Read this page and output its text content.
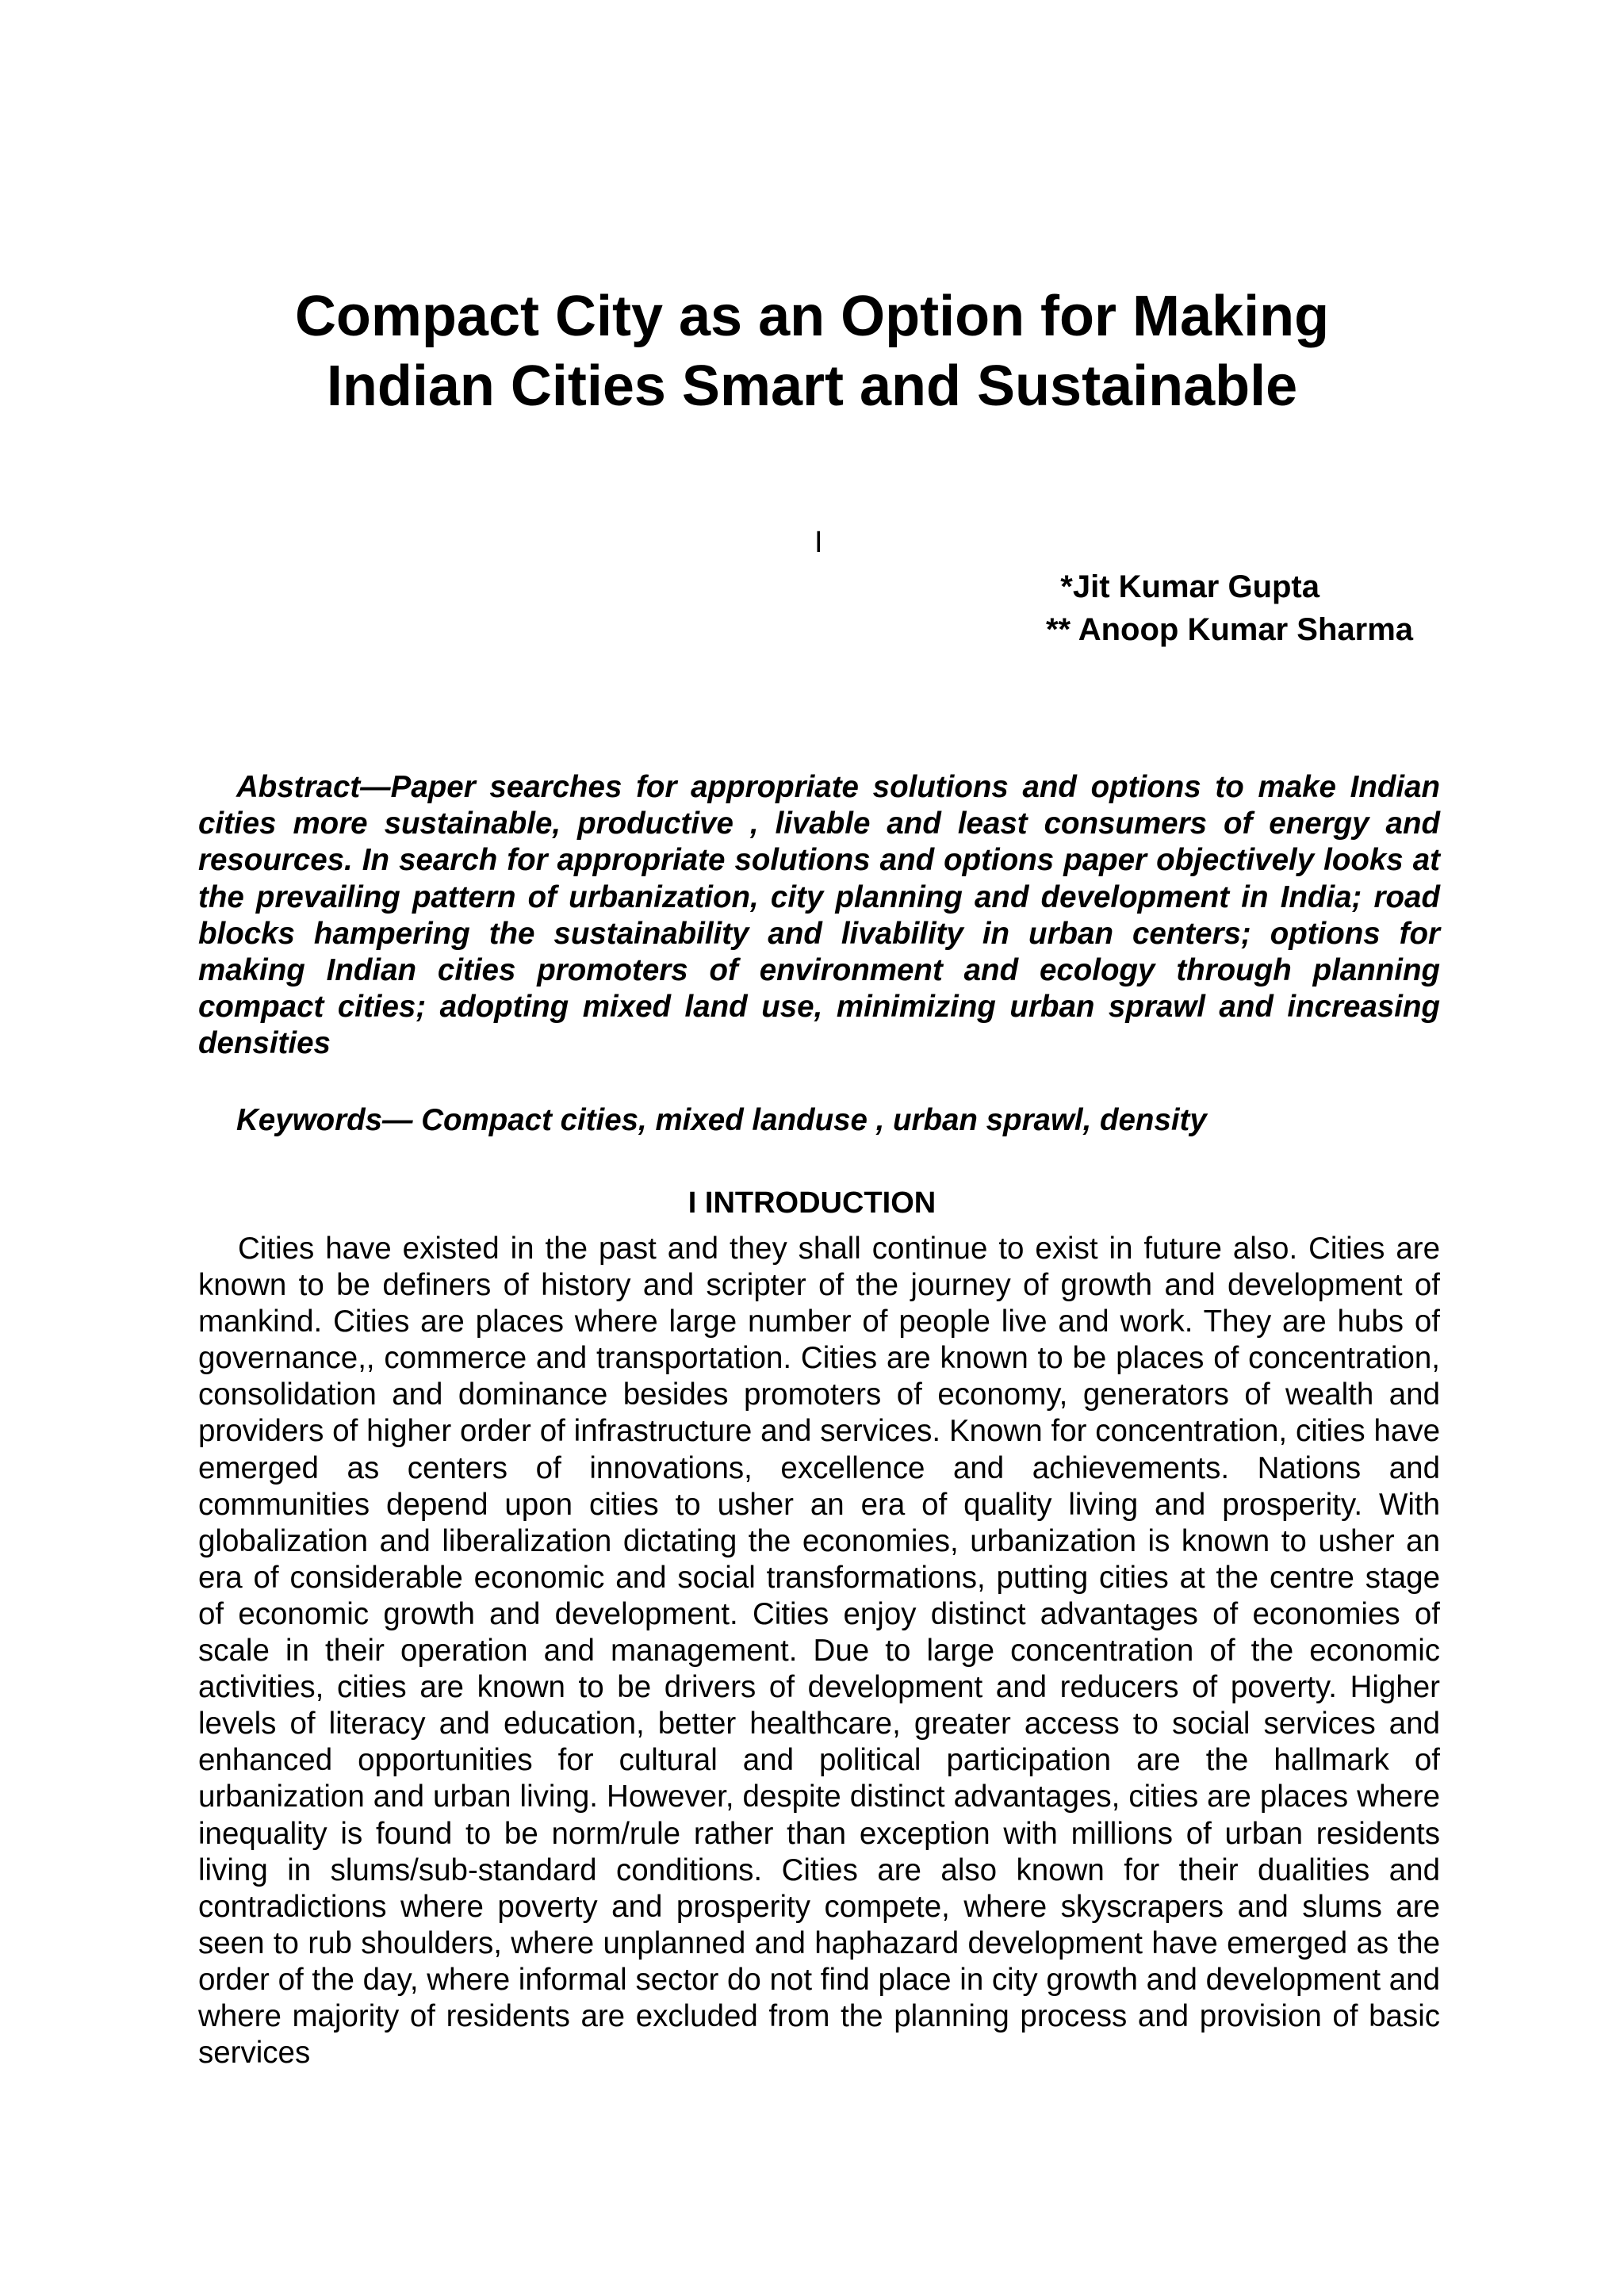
Compact City as an Option for Making
Indian Cities Smart and Sustainable
I
*Jit Kumar Gupta
** Anoop Kumar Sharma
Abstract—Paper searches for appropriate solutions and options to make Indian cities more sustainable, productive , livable and least consumers of energy and resources. In search for appropriate solutions and options paper objectively looks at the prevailing pattern of urbanization, city planning and development in India; road blocks hampering the sustainability and livability in urban centers; options for making Indian cities promoters of environment and ecology through planning compact cities; adopting mixed land use, minimizing urban sprawl and increasing densities
Keywords— Compact cities, mixed landuse , urban sprawl, density
I INTRODUCTION

Cities have existed in the past and they shall continue to exist in future also. Cities are known to be definers of history and scripter of the journey of growth and development of mankind. Cities are places where large number of people live and work. They are hubs of governance,, commerce and transportation. Cities are known to be places of concentration, consolidation and dominance besides promoters of economy, generators of wealth and providers of higher order of infrastructure and services. Known for concentration, cities have emerged as centers of innovations, excellence and achievements. Nations and communities depend upon cities to usher an era of quality living and prosperity. With globalization and liberalization dictating the economies, urbanization is known to usher an era of considerable economic and social transformations, putting cities at the centre stage of economic growth and development. Cities enjoy distinct advantages of economies of scale in their operation and management. Due to large concentration of the economic activities, cities are known to be drivers of development and reducers of poverty. Higher levels of literacy and education, better healthcare, greater access to social services and enhanced opportunities for cultural and political participation are the hallmark of urbanization and urban living. However, despite distinct advantages, cities are places where inequality is found to be norm/rule rather than exception with millions of urban residents living in slums/sub-standard conditions. Cities are also known for their dualities and contradictions where poverty and prosperity compete, where skyscrapers and slums are seen to rub shoulders, where unplanned and haphazard development have emerged as the order of the day, where informal sector do not find place in city growth and development and where majority of residents are excluded from the planning process and provision of basic services
